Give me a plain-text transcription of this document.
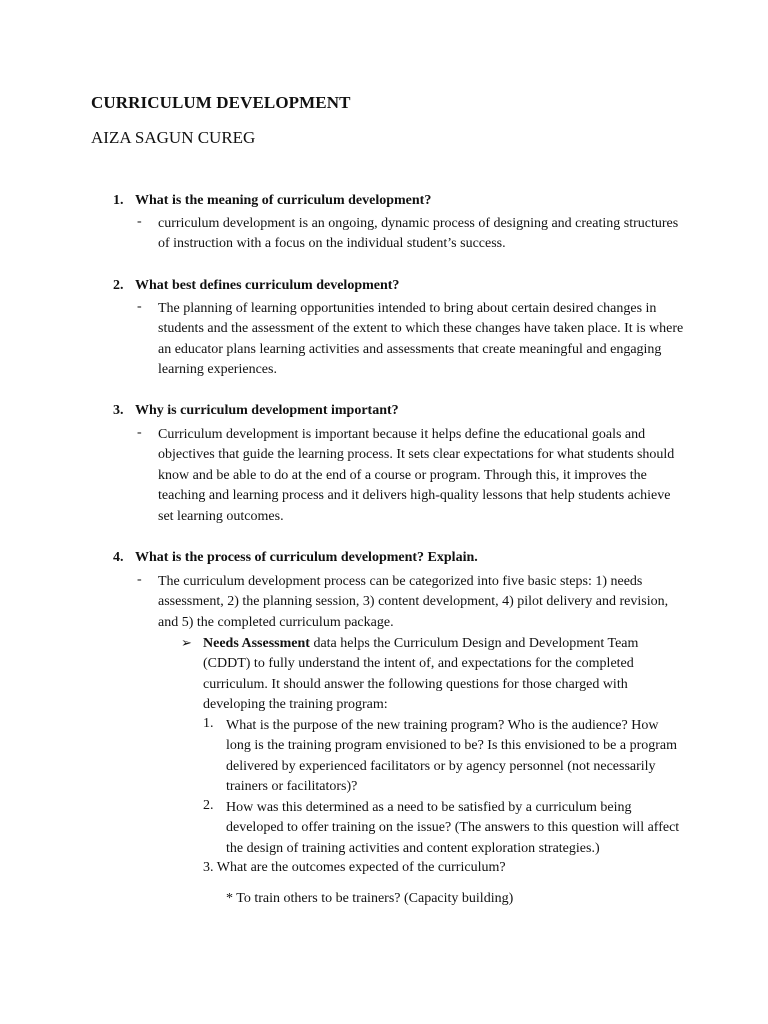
CURRICULUM DEVELOPMENT
AIZA SAGUN CUREG
1. What is the meaning of curriculum development?
- curriculum development is an ongoing, dynamic process of designing and creating structures of instruction with a focus on the individual student’s success.
2. What best defines curriculum development?
- The planning of learning opportunities intended to bring about certain desired changes in students and the assessment of the extent to which these changes have taken place. It is where an educator plans learning activities and assessments that create meaningful and engaging learning experiences.
3. Why is curriculum development important?
- Curriculum development is important because it helps define the educational goals and objectives that guide the learning process. It sets clear expectations for what students should know and be able to do at the end of a course or program. Through this, it improves the teaching and learning process and it delivers high-quality lessons that help students achieve set learning outcomes.
4. What is the process of curriculum development? Explain.
- The curriculum development process can be categorized into five basic steps: 1) needs assessment, 2) the planning session, 3) content development, 4) pilot delivery and revision, and 5) the completed curriculum package.
➢ Needs Assessment data helps the Curriculum Design and Development Team (CDDT) to fully understand the intent of, and expectations for the completed curriculum. It should answer the following questions for those charged with developing the training program:
1. What is the purpose of the new training program? Who is the audience? How long is the training program envisioned to be? Is this envisioned to be a program delivered by experienced facilitators or by agency personnel (not necessarily trainers or facilitators)?
2. How was this determined as a need to be satisfied by a curriculum being developed to offer training on the issue? (The answers to this question will affect the design of training activities and content exploration strategies.)
3. What are the outcomes expected of the curriculum?
* To train others to be trainers? (Capacity building)
